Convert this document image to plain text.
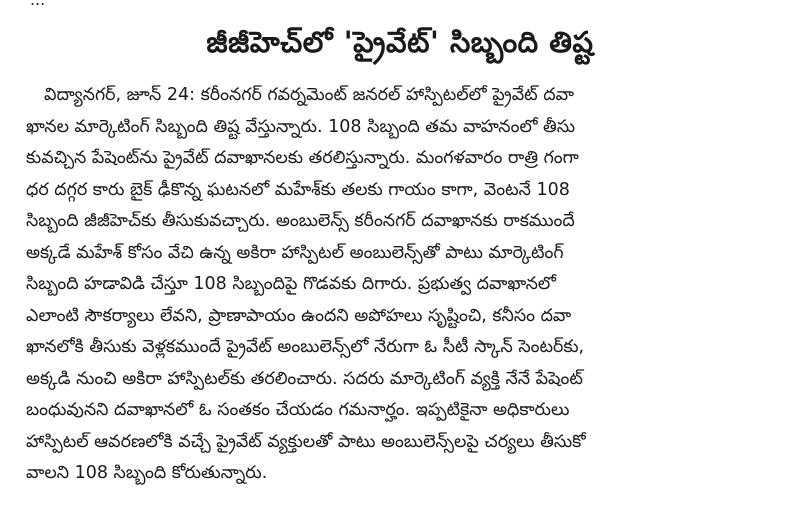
జీజీహెచ్‌లో 'ప్రైవేట్' సిబ్బంది తిష్ట
విద్యానగర్, జూన్ 24: కరీంనగర్ గవర్నమెంట్ జనరల్ హాస్పిటల్‌లో ప్రైవేట్ దవా
ఖానల మార్కెటింగ్ సిబ్బంది తిష్ట వేస్తున్నారు. 108 సిబ్బంది తమ వాహనంలో తీసు
కువచ్చిన పేషెంట్‌ను ప్రైవేట్ దవాఖానలకు తరలిస్తున్నారు. మంగళవారం రాత్రి గంగా
ధర దగ్గర కారు బైక్ ఢీకొన్న ఘటనలో మహేశ్‌కు తలకు గాయం కాగా, వెంటనే 108
సిబ్బంది జీజీహెచ్‌కు తీసుకువచ్చారు. అంబులెన్స్ కరీంనగర్ దవాఖానకు రాకముందే
అక్కడే మహేశ్ కోసం వేచి ఉన్న అకిరా హాస్పిటల్ అంబులెన్స్‌తో పాటు మార్కెటింగ్
సిబ్బంది హడావిడి చేస్తూ 108 సిబ్బందిపై గొడవకు దిగారు. ప్రభుత్వ దవాఖానలో
ఎలాంటి సౌకర్యాలు లేవని, ప్రాణాపాయం ఉందని అపోహలు సృష్టించి, కనీసం దవా
ఖానలోకి తీసుకు వెళ్లకముందే ప్రైవేట్ అంబులెన్స్‌లో నేరుగా ఓ సీటీ స్కాన్ సెంటర్‌కు,
అక్కడి నుంచి అకిరా హాస్పిటల్‌కు తరలించారు. సదరు మార్కెటింగ్ వ్యక్తి నేనే పేషెంట్
బంధువునని దవాఖానలో ఓ సంతకం చేయడం గమనార్హం. ఇప్పటికైనా అధికారులు
హాస్పిటల్ ఆవరణలోకి వచ్చే ప్రైవేట్ వ్యక్తులతో పాటు అంబులెన్స్‌లపై చర్యలు తీసుకో
వాలని 108 సిబ్బంది కోరుతున్నారు.
